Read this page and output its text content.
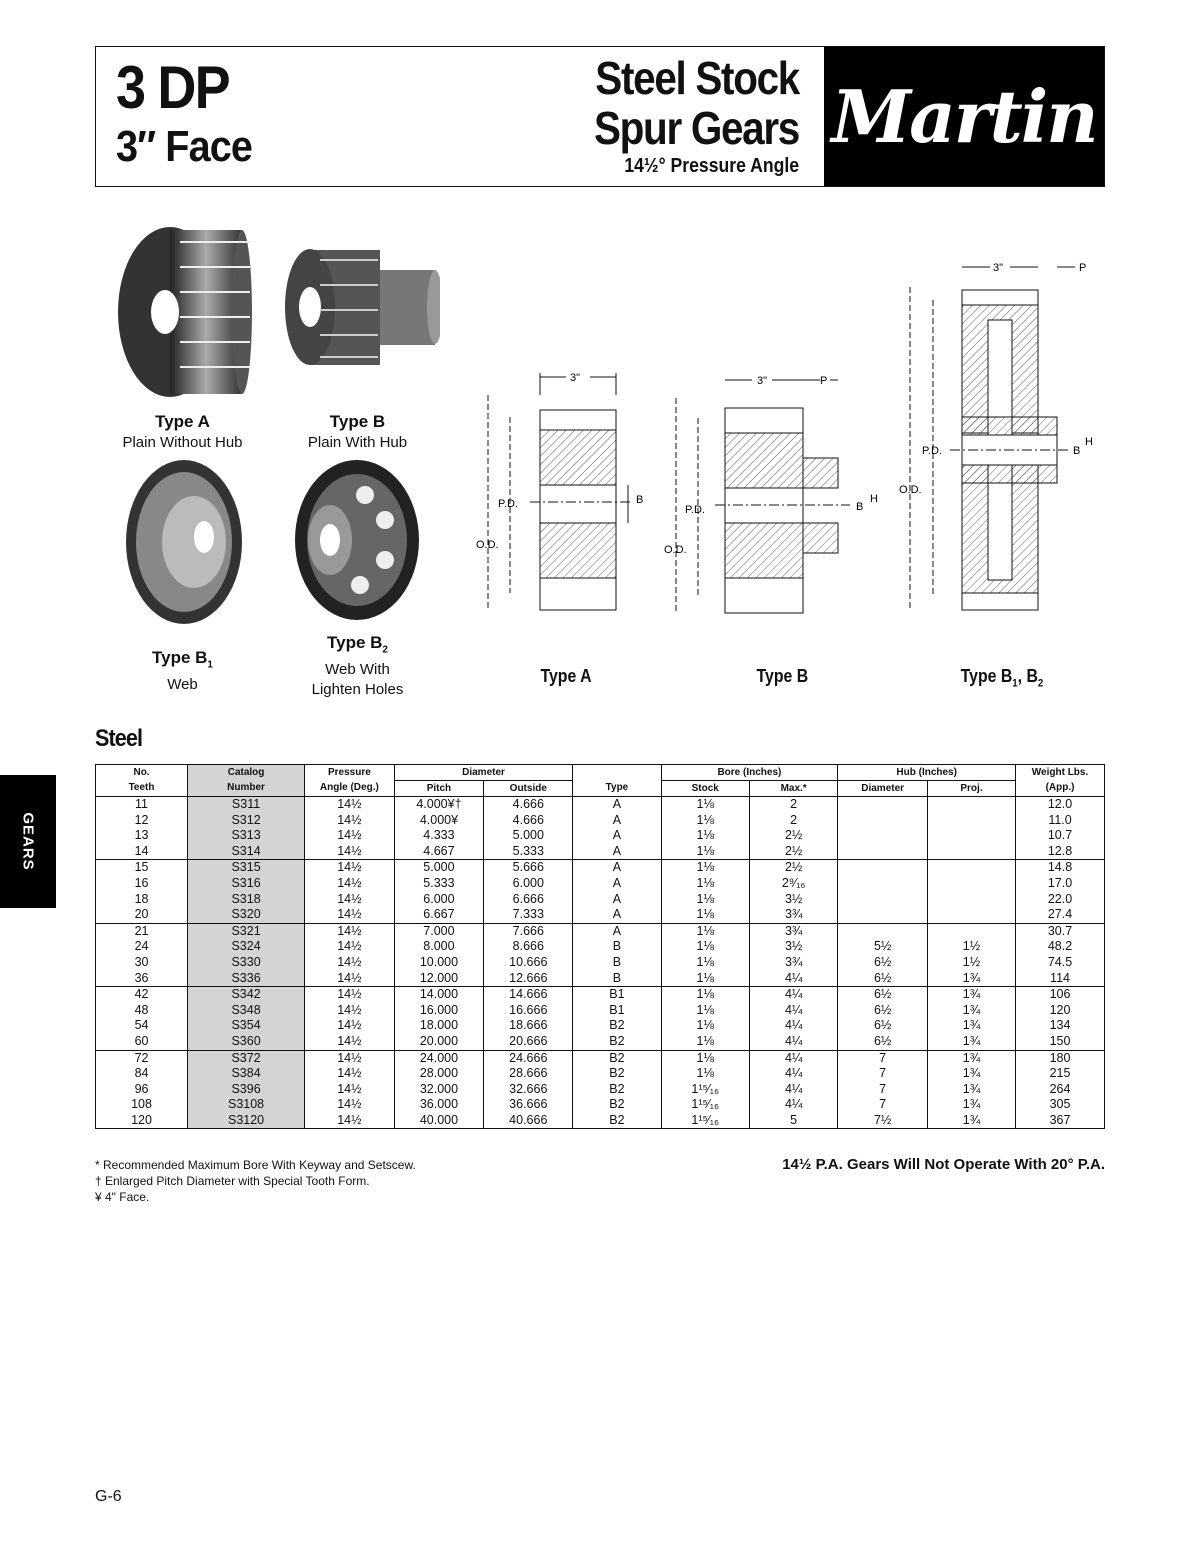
3 DP
3″ Face
Steel Stock
Spur Gears
14½° Pressure Angle
Martin
Type A
Plain Without Hub
Type B
Plain With Hub
Type $B_1$
Web
Type $B_2$
Web With
Lighten Holes
3"
B
P.D.
O.D.
3"	P
B
H
P.D.
O.D.
3"	P
B
H
P.D.
O.D.
Type A	Type B	Type $B_1$, $B_2$
GEARS
Steel
No.	Catalog	Pressure	Diameter			Bore (Inches)		Hub (Inches)		Weight Lbs.
Teeth	Number	Angle (Deg.)	Pitch	Outside	Type	Stock	Max.*	Diameter	Proj.	(App.)
11	S311	14½	4.000¥†	4.666	A	1⅛	2			12.0
12	S312	14½	4.000¥	4.666	A	1⅛	2			11.0
13	S313	14½	4.333	5.000	A	1⅛	2½			10.7
14	S314	14½	4.667	5.333	A	1⅛	2½			12.8
15	S315	14½	5.000	5.666	A	1⅛	2½			14.8
16	S316	14½	5.333	6.000	A	1⅛	2⁹⁄₁₆			17.0
18	S318	14½	6.000	6.666	A	1⅛	3½			22.0
20	S320	14½	6.667	7.333	A	1⅛	3¾			27.4
21	S321	14½	7.000	7.666	A	1⅛	3¾			30.7
24	S324	14½	8.000	8.666	B	1⅛	3½	5½	1½	48.2
30	S330	14½	10.000	10.666	B	1⅛	3¾	6½	1½	74.5
36	S336	14½	12.000	12.666	B	1⅛	4¼	6½	1¾	114
42	S342	14½	14.000	14.666	B1	1⅛	4¼	6½	1¾	106
48	S348	14½	16.000	16.666	B1	1⅛	4¼	6½	1¾	120
54	S354	14½	18.000	18.666	B2	1⅛	4¼	6½	1¾	134
60	S360	14½	20.000	20.666	B2	1⅛	4¼	6½	1¾	150
72	S372	14½	24.000	24.666	B2	1⅛	4¼	7	1¾	180
84	S384	14½	28.000	28.666	B2	1⅛	4¼	7	1¾	215
96	S396	14½	32.000	32.666	B2	1¹⁵⁄₁₆	4¼	7	1¾	264
108	S3108	14½	36.000	36.666	B2	1¹⁵⁄₁₆	4¼	7	1¾	305
120	S3120	14½	40.000	40.666	B2	1¹⁵⁄₁₆	5	7½	1¾	367
* Recommended Maximum Bore With Keyway and Setscew.
† Enlarged Pitch Diameter with Special Tooth Form.
¥ 4" Face.
14½ P.A. Gears Will Not Operate With 20° P.A.
G-6
